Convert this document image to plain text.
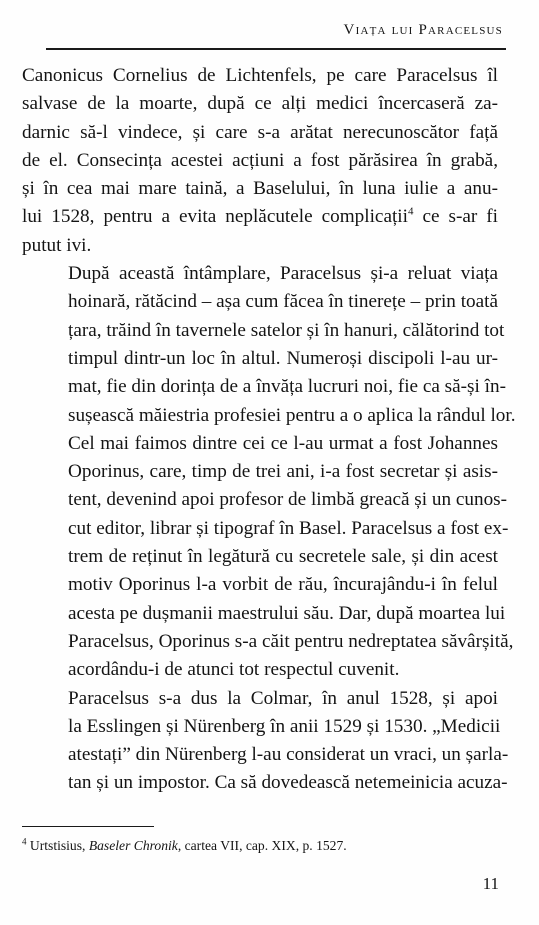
Viața lui Paracelsus

Canonicus Cornelius de Lichtenfels, pe care Paracelsus îl
salvase de la moarte, după ce alți medici încercaseră za-
darnic să-l vindece, și care s-a arătat nerecunoscător față
de el. Consecința acestei acțiuni a fost părăsirea în grabă,
și în cea mai mare taină, a Baselului, în luna iulie a anu-
lui 1528, pentru a evita neplăcutele complicații$^4$ ce s-ar fi
putut ivi.

După această întâmplare, Paracelsus și-a reluat viața
hoinară, rătăcind – așa cum făcea în tinerețe – prin toată
țara, trăind în tavernele satelor și în hanuri, călătorind tot
timpul dintr-un loc în altul. Numeroși discipoli l-au ur-
mat, fie din dorința de a învăța lucruri noi, fie ca să-și în-
sușească măiestria profesiei pentru a o aplica la rândul lor.
Cel mai faimos dintre cei ce l-au urmat a fost Johannes
Oporinus, care, timp de trei ani, i-a fost secretar și asis-
tent, devenind apoi profesor de limbă greacă și un cunos-
cut editor, librar și tipograf în Basel. Paracelsus a fost ex-
trem de reținut în legătură cu secretele sale, și din acest
motiv Oporinus l-a vorbit de rău, încurajându-i în felul
acesta pe dușmanii maestrului său. Dar, după moartea lui
Paracelsus, Oporinus s-a căit pentru nedreptatea săvârșită,
acordându-i de atunci tot respectul cuvenit.

Paracelsus s-a dus la Colmar, în anul 1528, și apoi
la Esslingen și Nürenberg în anii 1529 și 1530. „Medicii
atestați” din Nürenberg l-au considerat un vraci, un șarla-
tan și un impostor. Ca să dovedească netemeinicia acuza-

$^4$ Urtstisius, Baseler Chronik, cartea VII, cap. XIX, p. 1527.
11
